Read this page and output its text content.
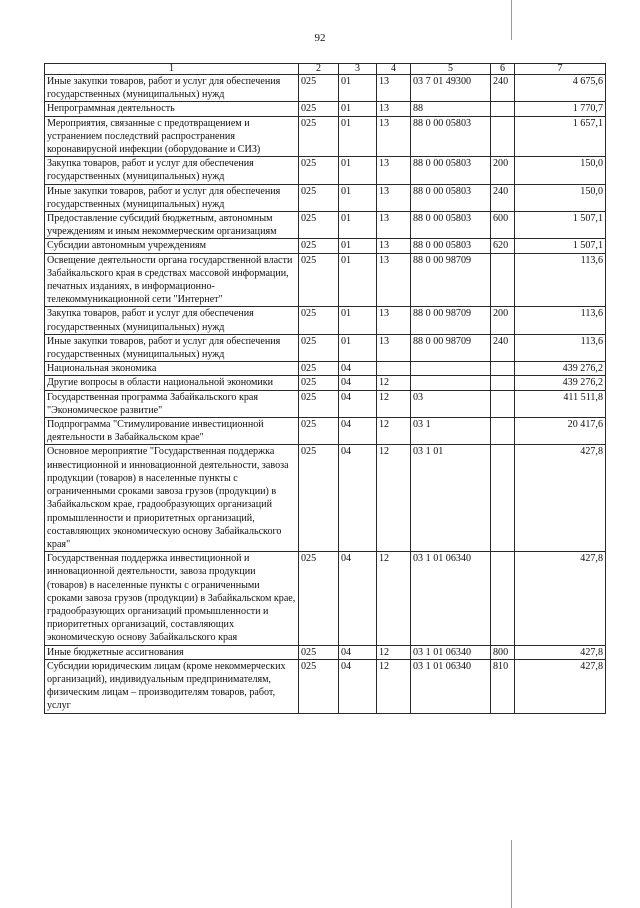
92
1	2	3	4	5	6	7
Иные закупки товаров, работ и услуг для обеспечения государственных (муниципальных) нужд	025	01	13	03 7 01 49300	240	4 675,6
Непрограммная деятельность	025	01	13	88		1 770,7
Мероприятия, связанные с предотвращением и устранением последствий распространения коронавирусной инфекции (оборудование и СИЗ)	025	01	13	88 0 00 05803		1 657,1
Закупка товаров, работ и услуг для обеспечения государственных (муниципальных) нужд	025	01	13	88 0 00 05803	200	150,0
Иные закупки товаров, работ и услуг для обеспечения государственных (муниципальных) нужд	025	01	13	88 0 00 05803	240	150,0
Предоставление субсидий бюджетным, автономным учреждениям и иным некоммерческим организациям	025	01	13	88 0 00 05803	600	1 507,1
Субсидии автономным учреждениям	025	01	13	88 0 00 05803	620	1 507,1
Освещение деятельности органа государственной власти Забайкальского края в средствах массовой информации, печатных изданиях, в информационно-телекоммуникационной сети "Интернет"	025	01	13	88 0 00 98709		113,6
Закупка товаров, работ и услуг для обеспечения государственных (муниципальных) нужд	025	01	13	88 0 00 98709	200	113,6
Иные закупки товаров, работ и услуг для обеспечения государственных (муниципальных) нужд	025	01	13	88 0 00 98709	240	113,6
Национальная экономика	025	04				439 276,2
Другие вопросы в области национальной экономики	025	04	12			439 276,2
Государственная программа Забайкальского края "Экономическое развитие"	025	04	12	03		411 511,8
Подпрограмма "Стимулирование инвестиционной деятельности в Забайкальском крае"	025	04	12	03 1		20 417,6
Основное мероприятие "Государственная поддержка инвестиционной и инновационной деятельности, завоза продукции (товаров) в населенные пункты с ограниченными сроками завоза грузов (продукции) в Забайкальском крае, градообразующих организаций промышленности и приоритетных организаций, составляющих экономическую основу Забайкальского края"	025	04	12	03 1 01		427,8
Государственная поддержка инвестиционной и инновационной деятельности, завоза продукции (товаров) в населенные пункты с ограниченными сроками завоза грузов (продукции) в Забайкальском крае, градообразующих организаций промышленности и приоритетных организаций, составляющих экономическую основу Забайкальского края	025	04	12	03 1 01 06340		427,8
Иные бюджетные ассигнования	025	04	12	03 1 01 06340	800	427,8
Субсидии юридическим лицам (кроме некоммерческих организаций), индивидуальным предпринимателям, физическим лицам – производителям товаров, работ, услуг	025	04	12	03 1 01 06340	810	427,8
